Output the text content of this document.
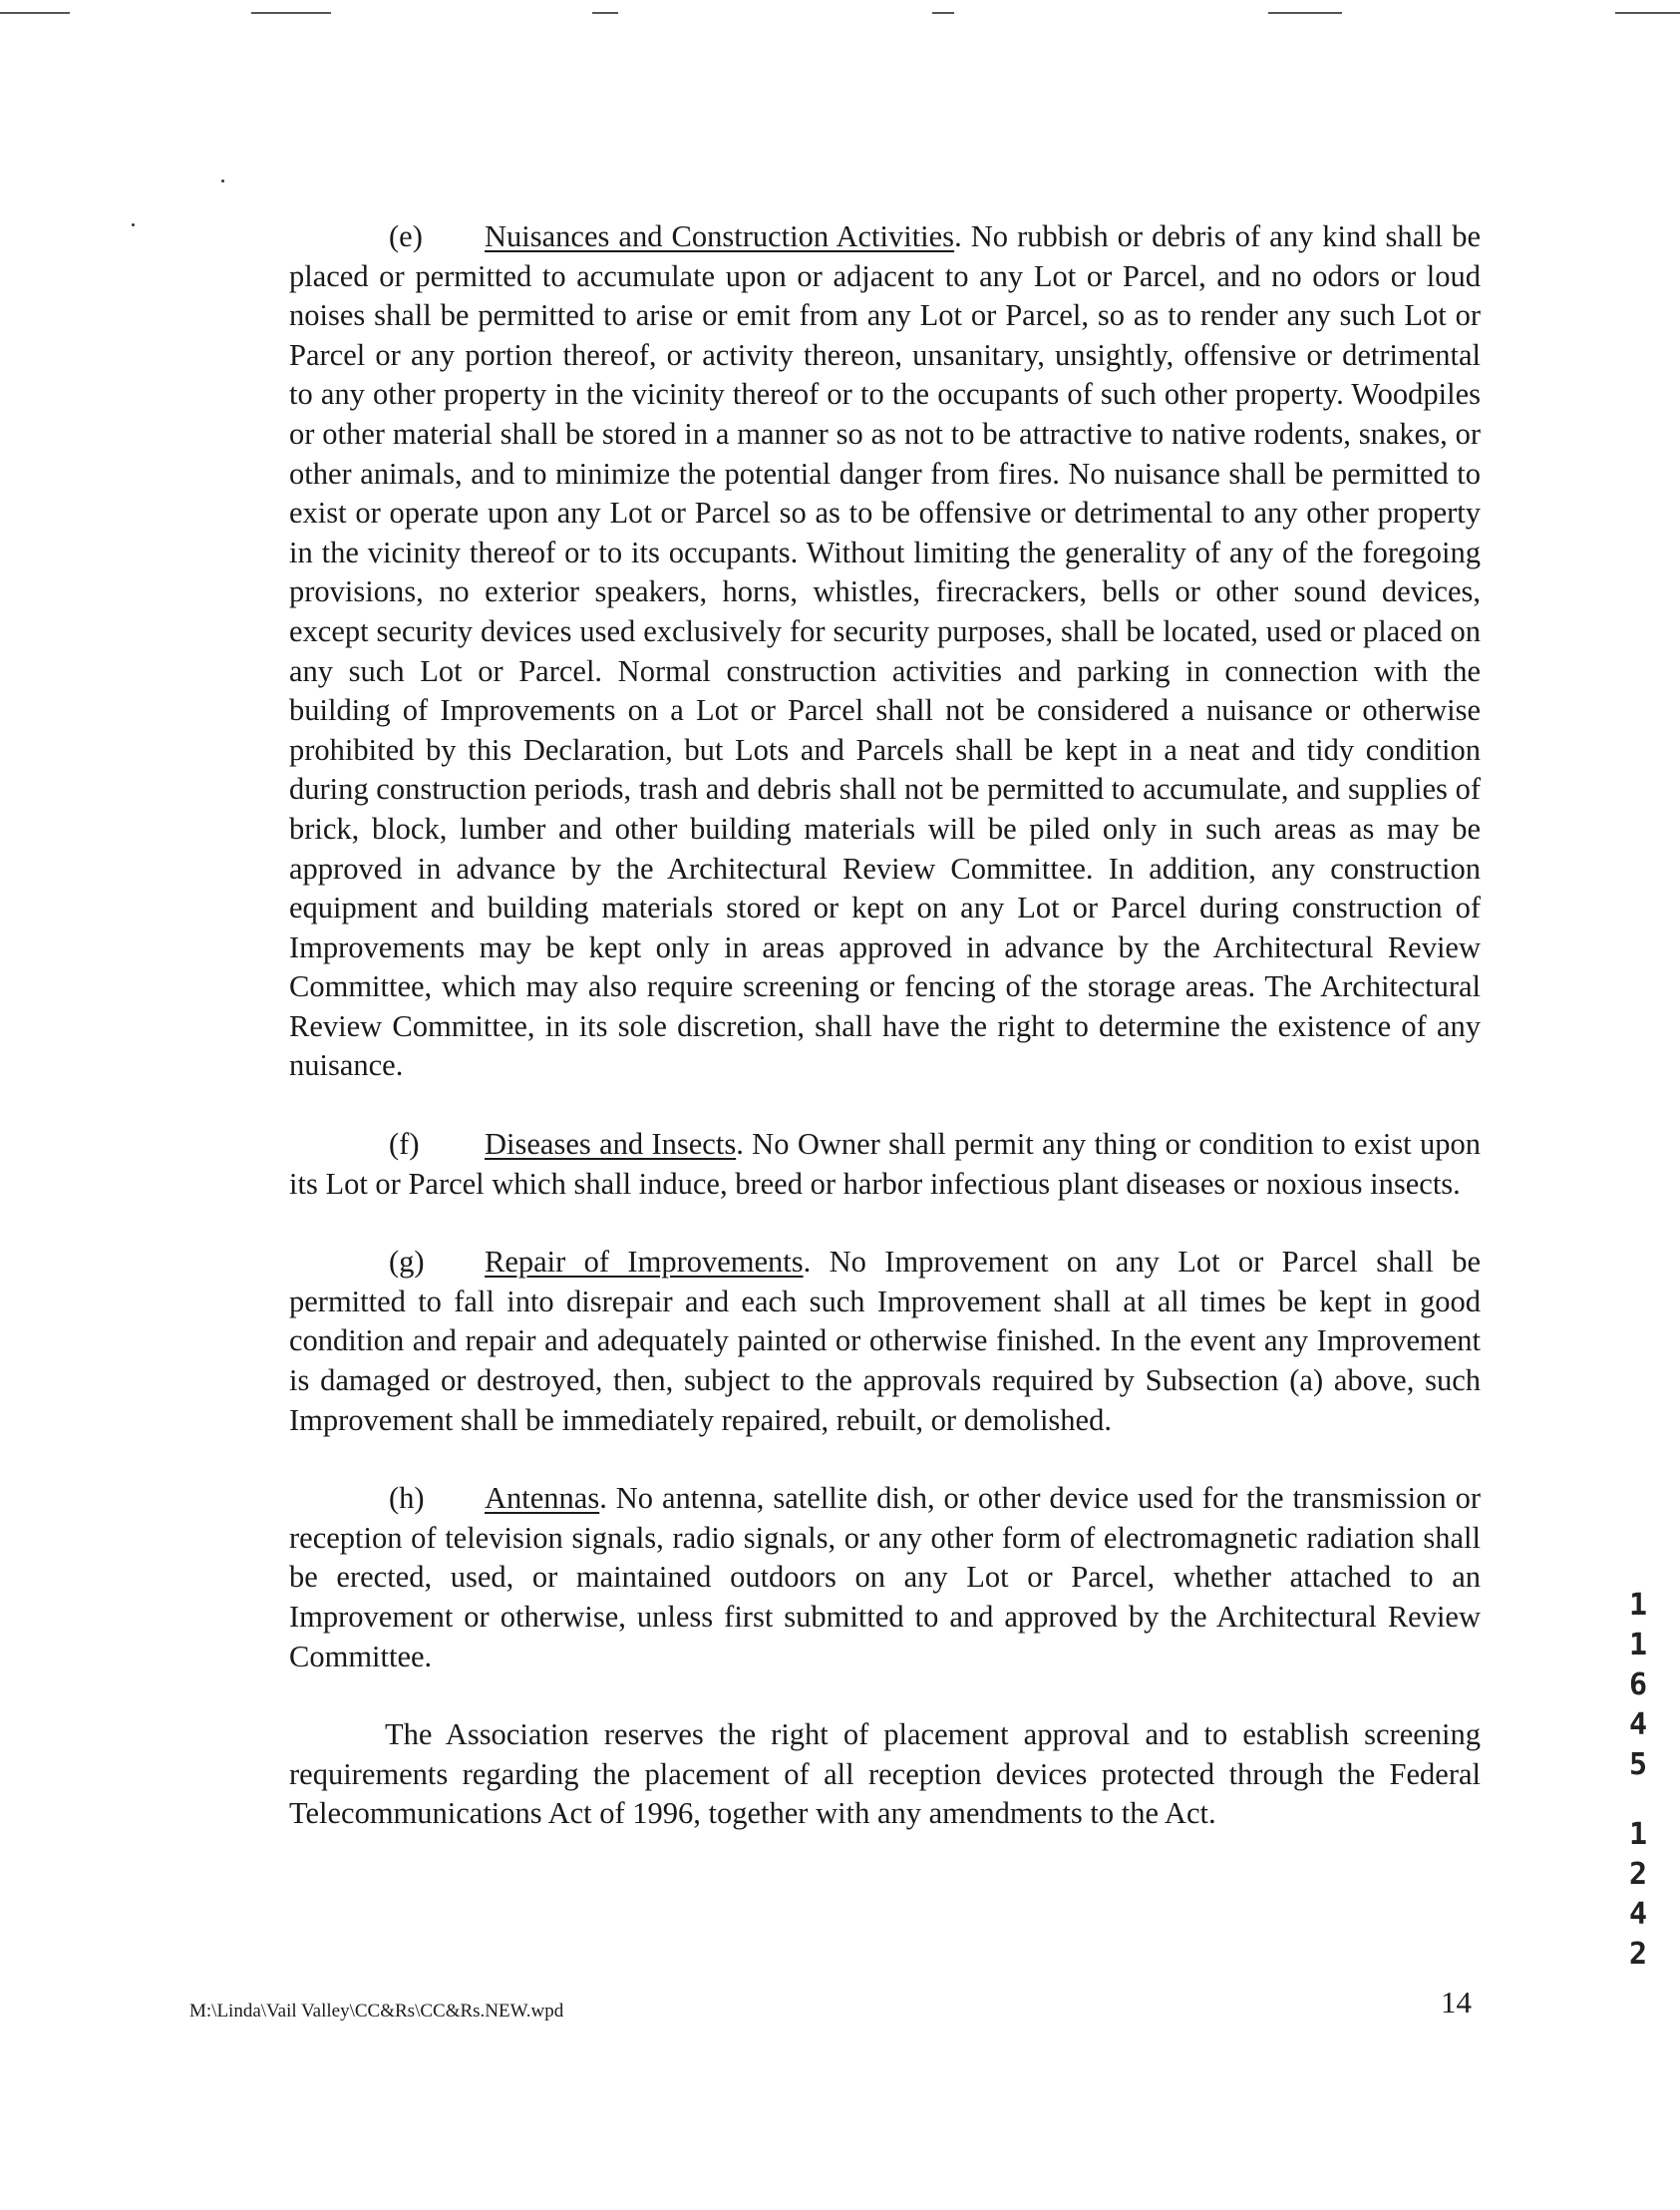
(e) Nuisances and Construction Activities. No rubbish or debris of any kind shall be placed or permitted to accumulate upon or adjacent to any Lot or Parcel, and no odors or loud noises shall be permitted to arise or emit from any Lot or Parcel, so as to render any such Lot or Parcel or any portion thereof, or activity thereon, unsanitary, unsightly, offensive or detrimental to any other property in the vicinity thereof or to the occupants of such other property. Woodpiles or other material shall be stored in a manner so as not to be attractive to native rodents, snakes, or other animals, and to minimize the potential danger from fires. No nuisance shall be permitted to exist or operate upon any Lot or Parcel so as to be offensive or detrimental to any other property in the vicinity thereof or to its occupants. Without limiting the generality of any of the foregoing provisions, no exterior speakers, horns, whistles, firecrackers, bells or other sound devices, except security devices used exclusively for security purposes, shall be located, used or placed on any such Lot or Parcel. Normal construction activities and parking in connection with the building of Improvements on a Lot or Parcel shall not be considered a nuisance or otherwise prohibited by this Declaration, but Lots and Parcels shall be kept in a neat and tidy condition during construction periods, trash and debris shall not be permitted to accumulate, and supplies of brick, block, lumber and other building materials will be piled only in such areas as may be approved in advance by the Architectural Review Committee. In addition, any construction equipment and building materials stored or kept on any Lot or Parcel during construction of Improvements may be kept only in areas approved in advance by the Architectural Review Committee, which may also require screening or fencing of the storage areas. The Architectural Review Committee, in its sole discretion, shall have the right to determine the existence of any nuisance.

(f) Diseases and Insects. No Owner shall permit any thing or condition to exist upon its Lot or Parcel which shall induce, breed or harbor infectious plant diseases or noxious insects.

(g) Repair of Improvements. No Improvement on any Lot or Parcel shall be permitted to fall into disrepair and each such Improvement shall at all times be kept in good condition and repair and adequately painted or otherwise finished. In the event any Improvement is damaged or destroyed, then, subject to the approvals required by Subsection (a) above, such Improvement shall be immediately repaired, rebuilt, or demolished.

(h) Antennas. No antenna, satellite dish, or other device used for the transmission or reception of television signals, radio signals, or any other form of electromagnetic radiation shall be erected, used, or maintained outdoors on any Lot or Parcel, whether attached to an Improvement or otherwise, unless first submitted to and approved by the Architectural Review Committee.

The Association reserves the right of placement approval and to establish screening requirements regarding the placement of all reception devices protected through the Federal Telecommunications Act of 1996, together with any amendments to the Act.

M:\Linda\Vail Valley\CC&Rs\CC&Rs.NEW.wpd	14
1
1
6
4
5
1
2
4
2
